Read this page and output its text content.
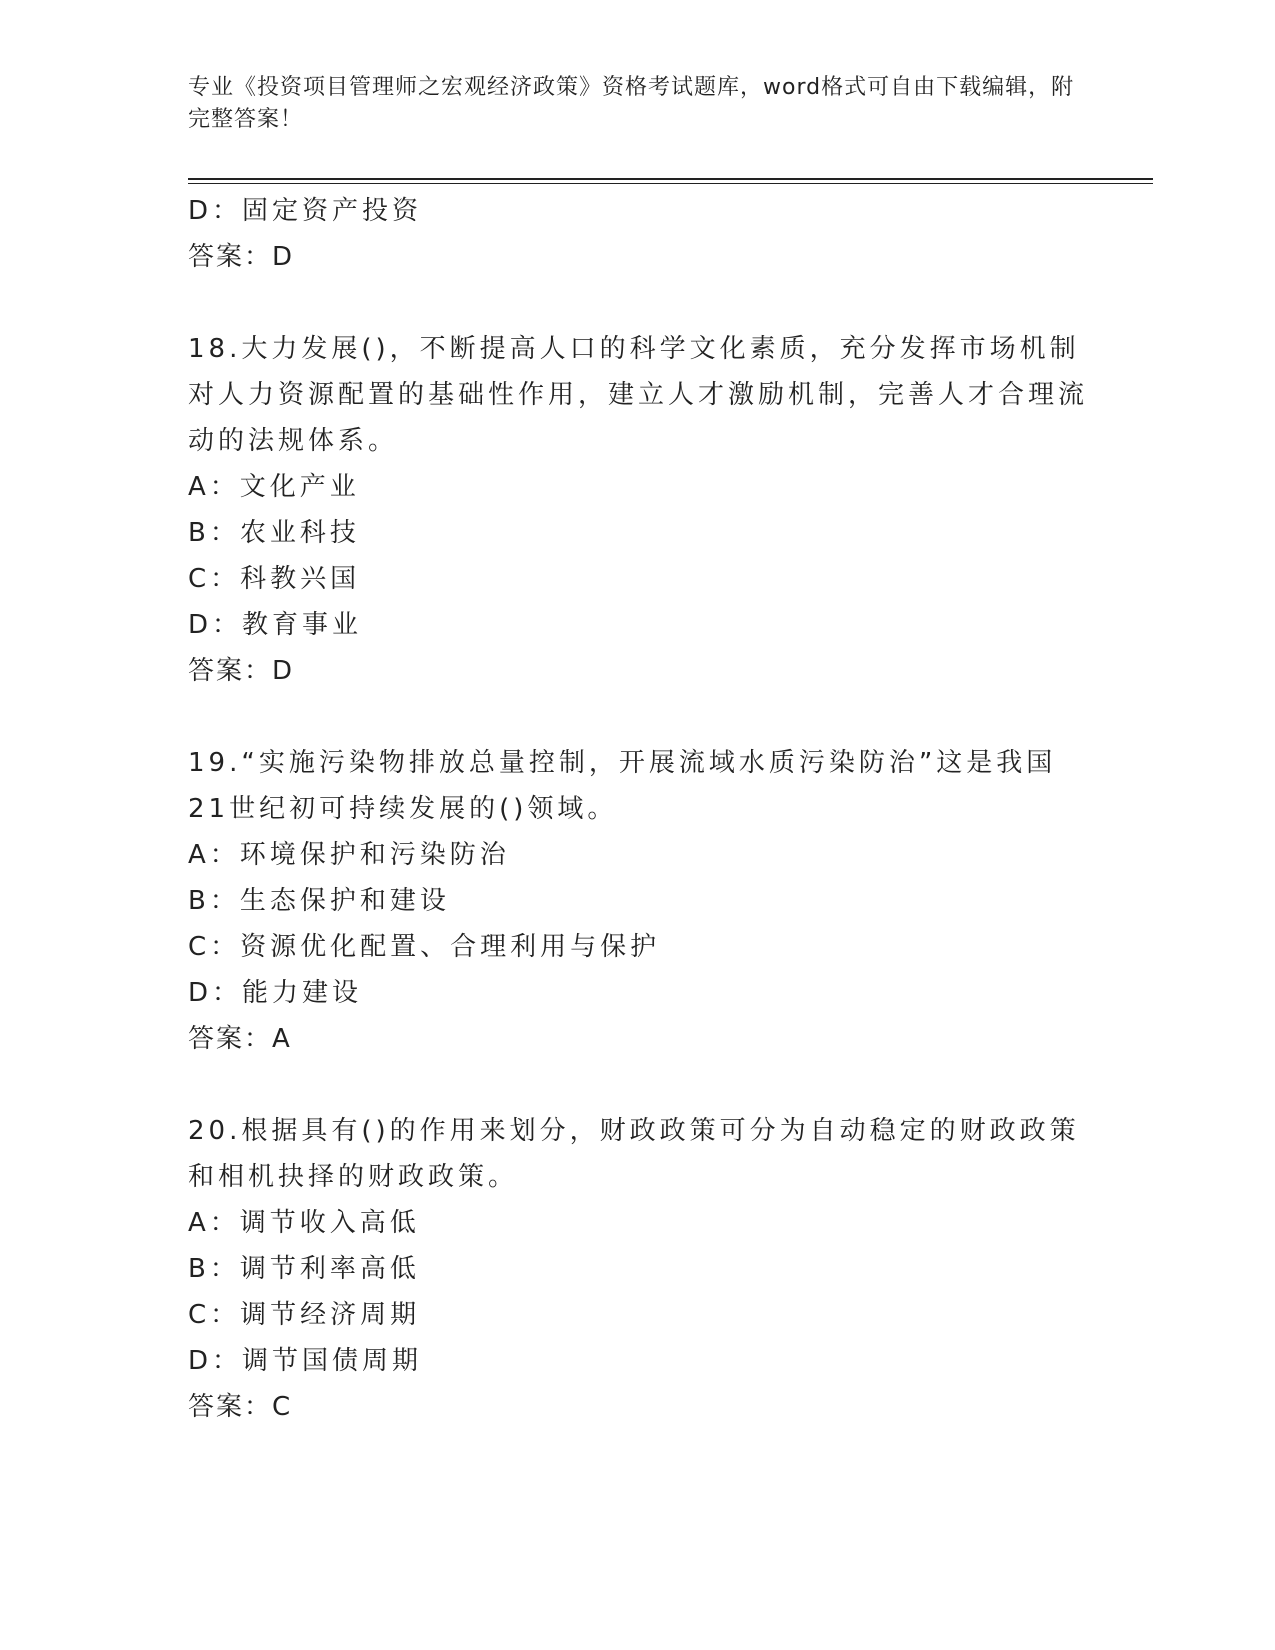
专业《投资项目管理师之宏观经济政策》资格考试题库，word格式可自由下载编辑，附完整答案！
D：固定资产投资
答案：D
18.大力发展()，不断提高人口的科学文化素质，充分发挥市场机制对人力资源配置的基础性作用，建立人才激励机制，完善人才合理流动的法规体系。
A：文化产业
B：农业科技
C：科教兴国
D：教育事业
答案：D
19.“实施污染物排放总量控制，开展流域水质污染防治”这是我国21世纪初可持续发展的()领域。
A：环境保护和污染防治
B：生态保护和建设
C：资源优化配置、合理利用与保护
D：能力建设
答案：A
20.根据具有()的作用来划分，财政政策可分为自动稳定的财政政策和相机抉择的财政政策。
A：调节收入高低
B：调节利率高低
C：调节经济周期
D：调节国债周期
答案：C
